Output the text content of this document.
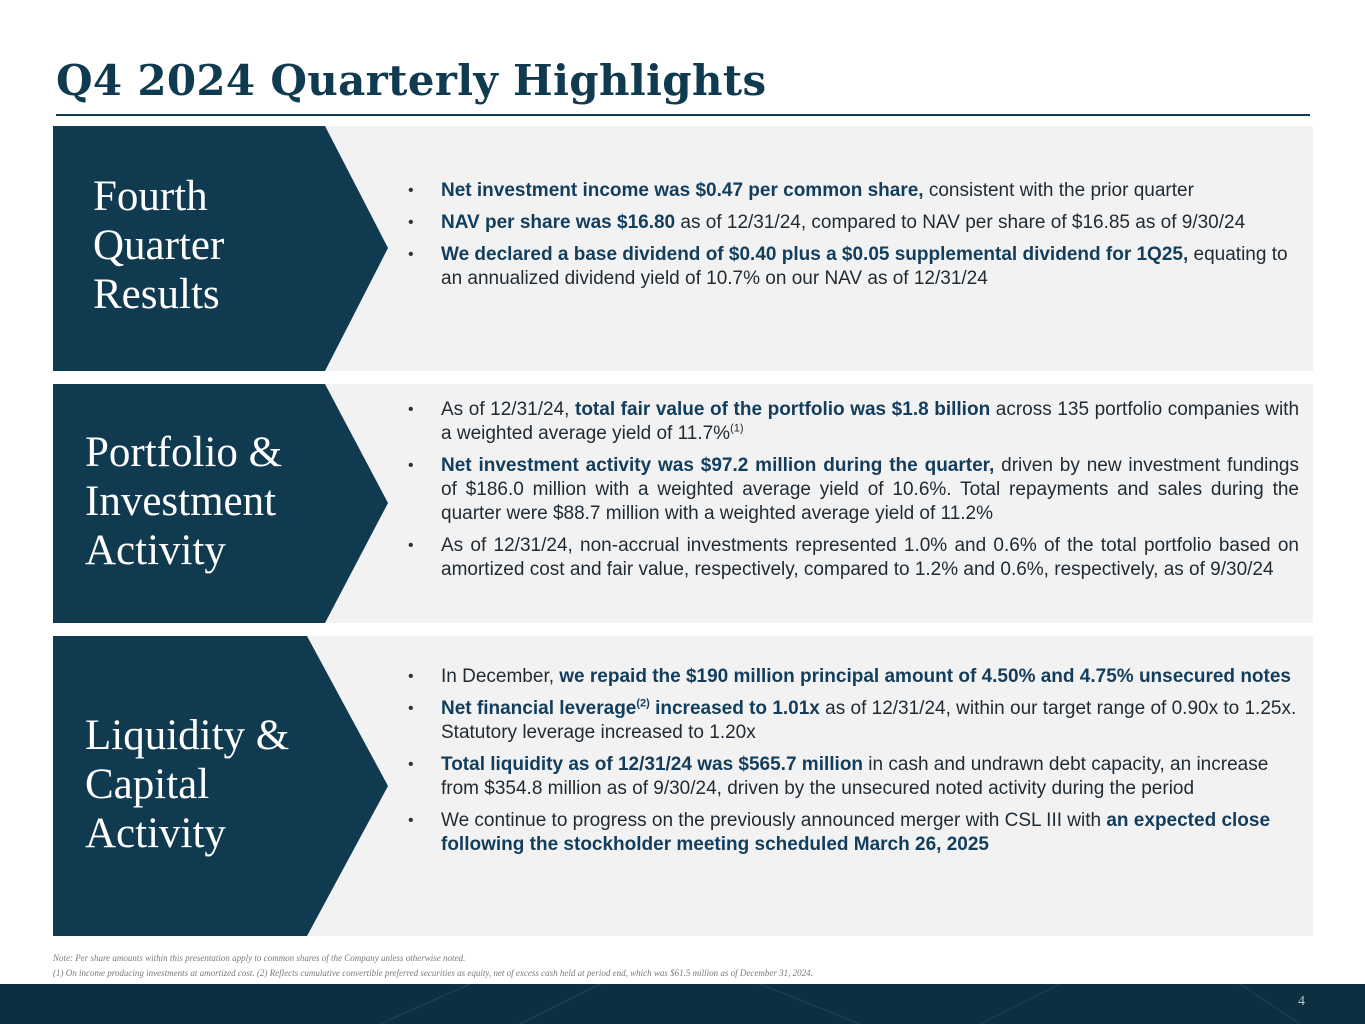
Q4 2024 Quarterly Highlights
Fourth
Quarter
Results
• Net investment income was $0.47 per common share, consistent with the prior quarter
• NAV per share was $16.80 as of 12/31/24, compared to NAV per share of $16.85 as of 9/30/24
• We declared a base dividend of $0.40 plus a $0.05 supplemental dividend for 1Q25, equating to an annualized dividend yield of 10.7% on our NAV as of 12/31/24
Portfolio &
Investment
Activity
• As of 12/31/24, total fair value of the portfolio was $1.8 billion across 135 portfolio companies with a weighted average yield of 11.7%$^{(1)}$
• Net investment activity was $97.2 million during the quarter, driven by new investment fundings of $186.0 million with a weighted average yield of 10.6%. Total repayments and sales during the quarter were $88.7 million with a weighted average yield of 11.2%
• As of 12/31/24, non-accrual investments represented 1.0% and 0.6% of the total portfolio based on amortized cost and fair value, respectively, compared to 1.2% and 0.6%, respectively, as of 9/30/24
Liquidity &
Capital
Activity
• In December, we repaid the $190 million principal amount of 4.50% and 4.75% unsecured notes
• Net financial leverage$^{(2)}$ increased to 1.01x as of 12/31/24, within our target range of 0.90x to 1.25x. Statutory leverage increased to 1.20x
• Total liquidity as of 12/31/24 was $565.7 million in cash and undrawn debt capacity, an increase from $354.8 million as of 9/30/24, driven by the unsecured noted activity during the period
• We continue to progress on the previously announced merger with CSL III with an expected close following the stockholder meeting scheduled March 26, 2025
Note: Per share amounts within this presentation apply to common shares of the Company unless otherwise noted.
(1) On income producing investments at amortized cost. (2) Reflects cumulative convertible preferred securities as equity, net of excess cash held at period end, which was $61.5 million as of December 31, 2024.
4
